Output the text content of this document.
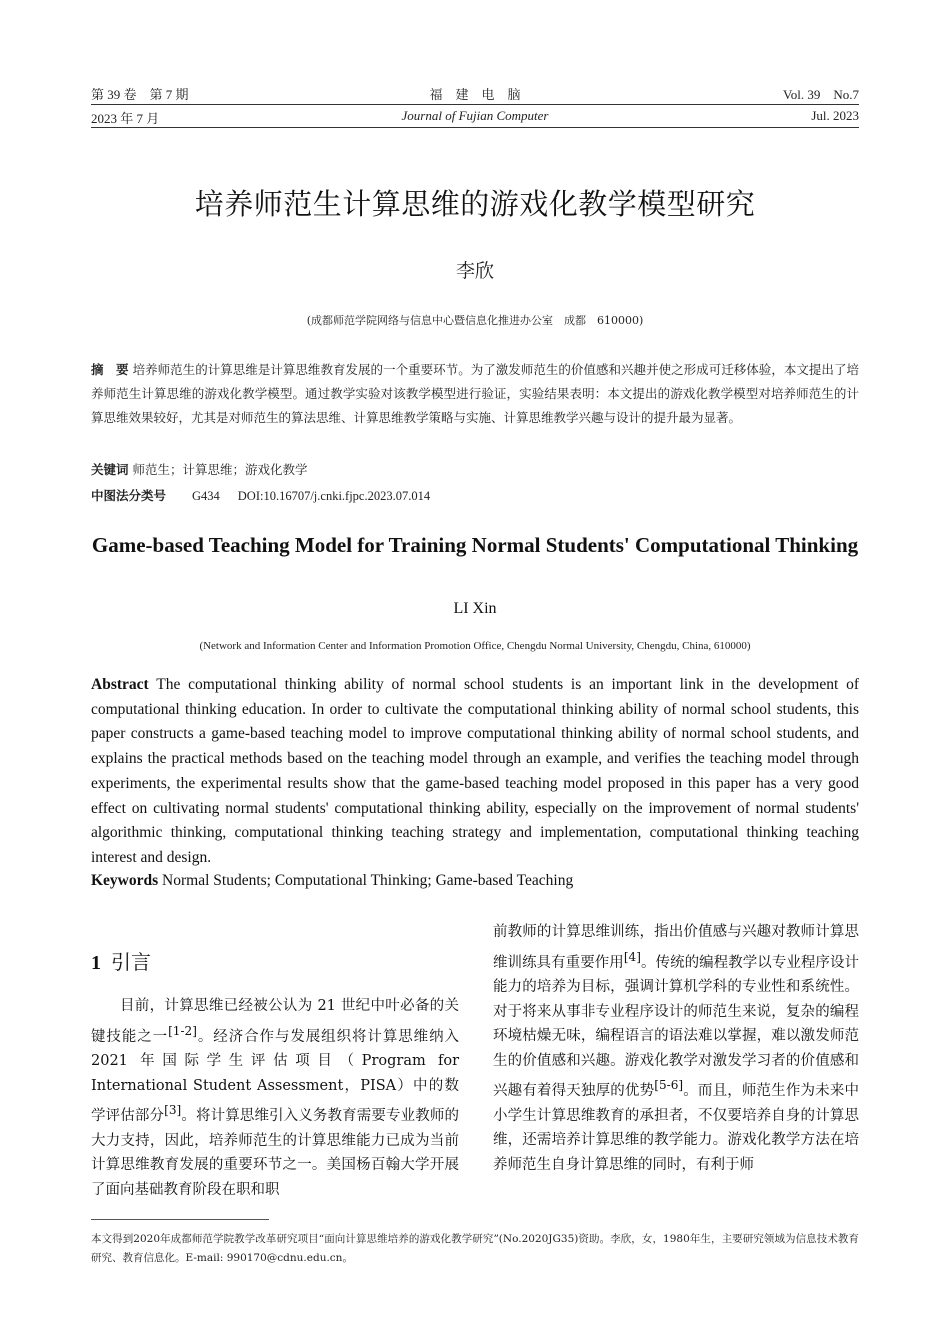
第 39 卷　第 7 期	福　建　电　脑	Vol. 39　No.7
2023 年 7 月	Journal of Fujian Computer	Jul. 2023
培养师范生计算思维的游戏化教学模型研究
李欣
(成都师范学院网络与信息中心暨信息化推进办公室　成都　610000)
摘　要 培养师范生的计算思维是计算思维教育发展的一个重要环节。为了激发师范生的价值感和兴趣并使之形成可迁移体验，本文提出了培养师范生计算思维的游戏化教学模型。通过教学实验对该教学模型进行验证，实验结果表明：本文提出的游戏化教学模型对培养师范生的计算思维效果较好，尤其是对师范生的算法思维、计算思维教学策略与实施、计算思维教学兴趣与设计的提升最为显著。
关键词 师范生；计算思维；游戏化教学
中图法分类号 G434 DOI:10.16707/j.cnki.fjpc.2023.07.014
Game-based Teaching Model for Training Normal Students' Computational Thinking
LI Xin
(Network and Information Center and Information Promotion Office, Chengdu Normal University, Chengdu, China, 610000)
Abstract The computational thinking ability of normal school students is an important link in the development of computational thinking education. In order to cultivate the computational thinking ability of normal school students, this paper constructs a game-based teaching model to improve computational thinking ability of normal school students, and explains the practical methods based on the teaching model through an example, and verifies the teaching model through experiments, the experimental results show that the game-based teaching model proposed in this paper has a very good effect on cultivating normal students' computational thinking ability, especially on the improvement of normal students' algorithmic thinking, computational thinking teaching strategy and implementation, computational thinking teaching interest and design.
Keywords Normal Students; Computational Thinking; Game-based Teaching
1 引言

目前，计算思维已经被公认为 21 世纪中叶必备的关键技能之一[1-2]。经济合作与发展组织将计算思维纳入 2021 年国际学生评估项目（Program for International Student Assessment，PISA）中的数学评估部分[3]。将计算思维引入义务教育需要专业教师的大力支持，因此，培养师范生的计算思维能力已成为当前计算思维教育发展的重要环节之一。美国杨百翰大学开展了面向基础教育阶段在职和职

前教师的计算思维训练，指出价值感与兴趣对教师计算思维训练具有重要作用[4]。传统的编程教学以专业程序设计能力的培养为目标，强调计算机学科的专业性和系统性。对于将来从事非专业程序设计的师范生来说，复杂的编程环境枯燥无味，编程语言的语法难以掌握，难以激发师范生的价值感和兴趣。游戏化教学对激发学习者的价值感和兴趣有着得天独厚的优势[5-6]。而且，师范生作为未来中小学生计算思维教育的承担者，不仅要培养自身的计算思维，还需培养计算思维的教学能力。游戏化教学方法在培养师范生自身计算思维的同时，有利于师

本文得到2020年成都师范学院教学改革研究项目“面向计算思维培养的游戏化教学研究”(No.2020JG35)资助。李欣，女，1980年生，主要研究领域为信息技术教育研究、教育信息化。E-mail: 990170@cdnu.edu.cn。
